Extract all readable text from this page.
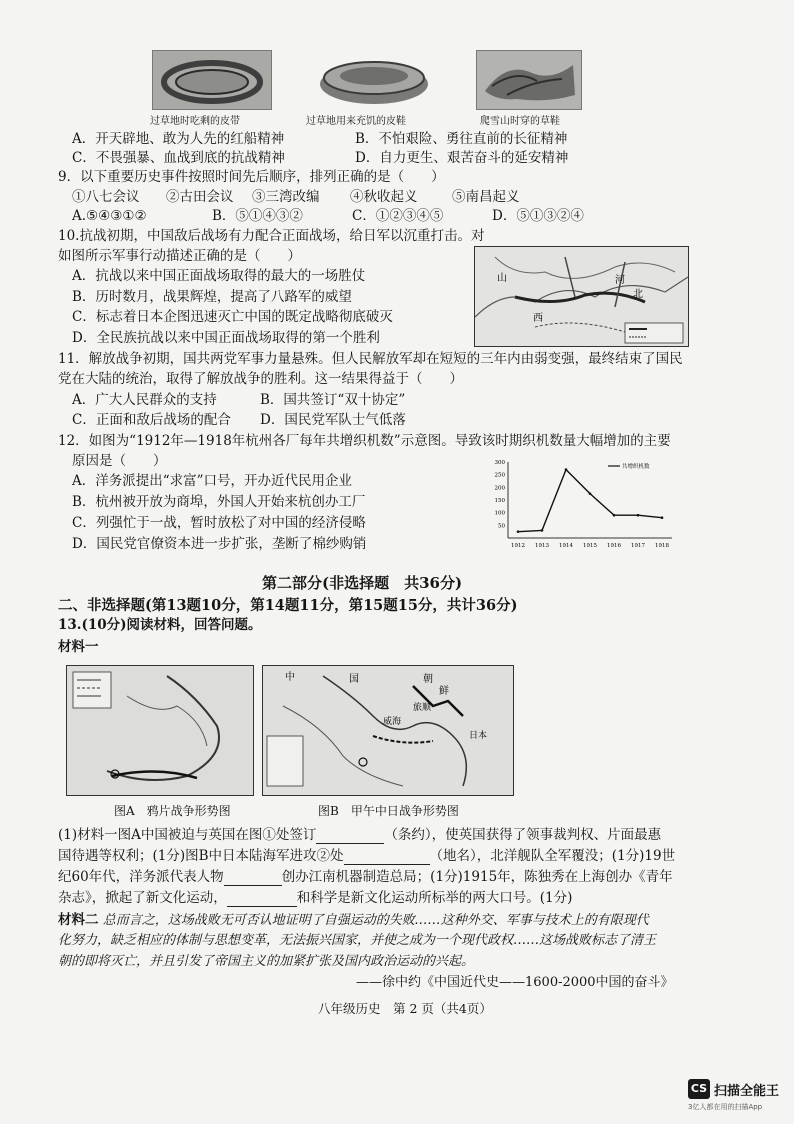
过草地时吃剩的皮带	过草地用来充饥的皮鞋	爬雪山时穿的草鞋
A．开天辟地、敢为人先的红船精神	B．不怕艰险、勇往直前的长征精神
C．不畏强暴、血战到底的抗战精神	D．自力更生、艰苦奋斗的延安精神
9．以下重要历史事件按照时间先后顺序，排列正确的是（　　）
①八七会议 ②古田会议 ③三湾改编 ④秋收起义	⑤南昌起义
A.⑤④③①②	B．⑤①④③②	C．①②③④⑤	D．⑤①③②④
10.抗战初期，中国敌后战场有力配合正面战场，给日军以沉重打击。对
如图所示军事行动描述正确的是（　　）
A．抗战以来中国正面战场取得的最大的一场胜仗
B．历时数月，战果辉煌，提高了八路军的威望
C．标志着日本企图迅速灭亡中国的既定战略彻底破灭
D．全民族抗战以来中国正面战场取得的第一个胜利
山
西
河
北
11．解放战争初期，国共两党军事力量悬殊。但人民解放军却在短短的三年内由弱变强，最终结束了国民
党在大陆的统治，取得了解放战争的胜利。这一结果得益于（　　）
A．广大人民群众的支持	B．国共签订“双十协定”
C．正面和敌后战场的配合 D．国民党军队士气低落
12．如图为“1912年—1918年杭州各厂每年共增织机数”示意图。导致该时期织机数量大幅增加的主要
原因是（　　）
A．洋务派提出“求富”口号，开办近代民用企业
B．杭州被开放为商埠，外国人开始来杭创办工厂
C．列强忙于一战，暂时放松了对中国的经济侵略
D．国民党官僚资本进一步扩张，垄断了棉纱购销
300
250
200
150
100
50
1912 1913 1914 1915 1916 1917 1918
共增织机数
第二部分(非选择题　共36分)
二、非选择题(第13题10分，第14题11分，第15题15分，共计36分)
13.(10分)阅读材料，回答问题。
材料一
中	国	朝
鲜
威海
日本
旅顺
图A　鸦片战争形势图	图B　甲午中日战争形势图
(1)材料一图A中国被迫与英国在图①处签订	（条约），使英国获得了领事裁判权、片面最惠
国待遇等权利；(1分)图B中日本陆海军进攻②处	（地名），北洋舰队全军覆没；(1分)19世
纪60年代，洋务派代表人物	创办江南机器制造总局；(1分)1915年，陈独秀在上海创办《青年
杂志》，掀起了新文化运动，	和科学是新文化运动所标举的两大口号。(1分)
材料二 总而言之，这场战败无可否认地证明了自强运动的失败……这种外交、军事与技术上的有限现代
化努力，缺乏相应的体制与思想变革，无法振兴国家，并使之成为一个现代政权……这场战败标志了清王
朝的即将灭亡，并且引发了帝国主义的加紧扩张及国内政治运动的兴起。
——徐中约《中国近代史——1600-2000中国的奋斗》
八年级历史　第 2 页（共4页）
CS 扫描全能王
3亿人都在用的扫描App
